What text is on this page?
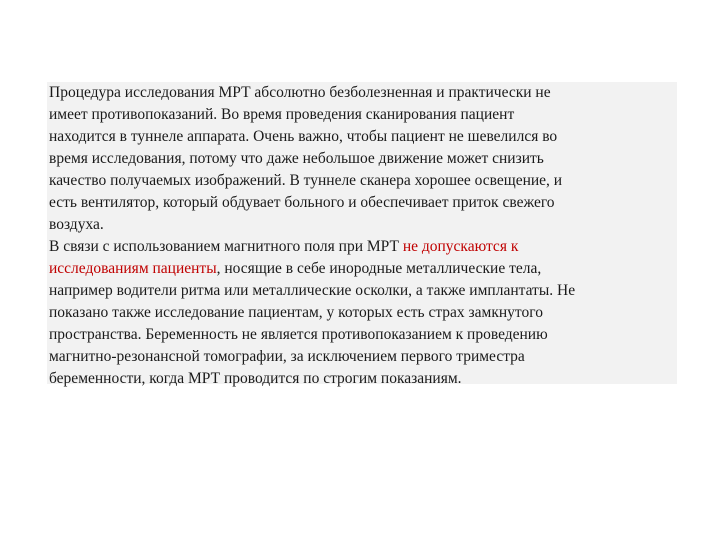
Процедура исследования МРТ абсолютно безболезненная и практически не
имеет противопоказаний. Во время проведения сканирования пациент
находится в туннеле аппарата. Очень важно, чтобы пациент не шевелился во
время исследования, потому что даже небольшое движение может снизить
качество получаемых изображений. В туннеле сканера хорошее освещение, и
есть вентилятор, который обдувает больного и обеспечивает приток свежего
воздуха.
В связи с использованием магнитного поля при МРТ не допускаются к
исследованиям пациенты, носящие в себе инородные металлические тела,
например водители ритма или металлические осколки, а также имплантаты. Не
показано также исследование пациентам, у которых есть страх замкнутого
пространства. Беременность не является противопоказанием к проведению
магнитно-резонансной томографии, за исключением первого триместра
беременности, когда МРТ проводится по строгим показаниям.
